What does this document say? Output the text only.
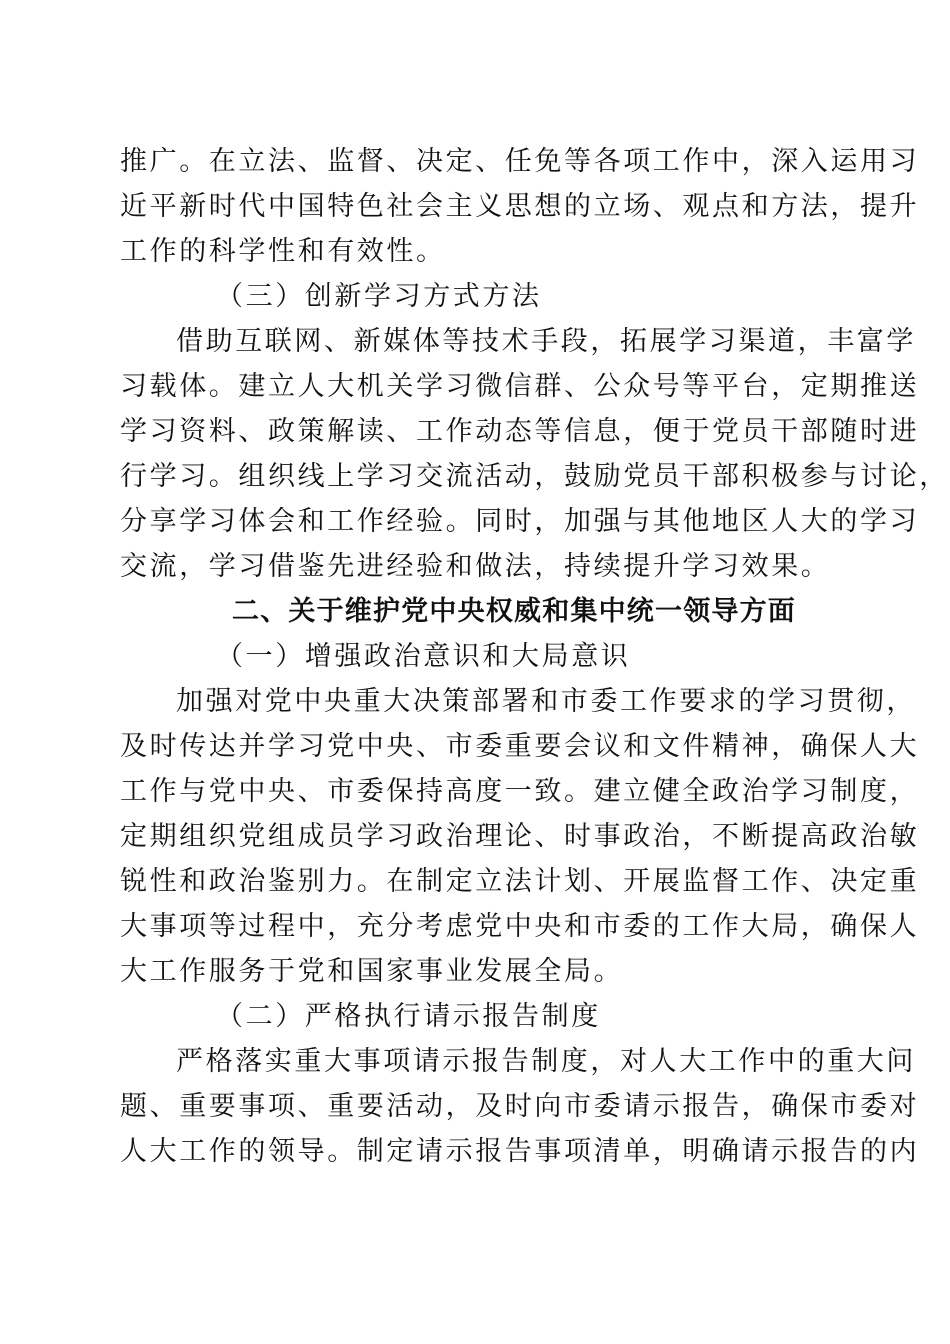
推广。在立法、监督、决定、任免等各项工作中，深入运用习
近平新时代中国特色社会主义思想的立场、观点和方法，提升
工作的科学性和有效性。
（三）创新学习方式方法
借助互联网、新媒体等技术手段，拓展学习渠道，丰富学
习载体。建立人大机关学习微信群、公众号等平台，定期推送
学习资料、政策解读、工作动态等信息，便于党员干部随时进
行学习。组织线上学习交流活动，鼓励党员干部积极参与讨论，
分享学习体会和工作经验。同时，加强与其他地区人大的学习
交流，学习借鉴先进经验和做法，持续提升学习效果。
二、关于维护党中央权威和集中统一领导方面
（一）增强政治意识和大局意识
加强对党中央重大决策部署和市委工作要求的学习贯彻，
及时传达并学习党中央、市委重要会议和文件精神，确保人大
工作与党中央、市委保持高度一致。建立健全政治学习制度，
定期组织党组成员学习政治理论、时事政治，不断提高政治敏
锐性和政治鉴别力。在制定立法计划、开展监督工作、决定重
大事项等过程中，充分考虑党中央和市委的工作大局，确保人
大工作服务于党和国家事业发展全局。
（二）严格执行请示报告制度
严格落实重大事项请示报告制度，对人大工作中的重大问
题、重要事项、重要活动，及时向市委请示报告，确保市委对
人大工作的领导。制定请示报告事项清单，明确请示报告的内
